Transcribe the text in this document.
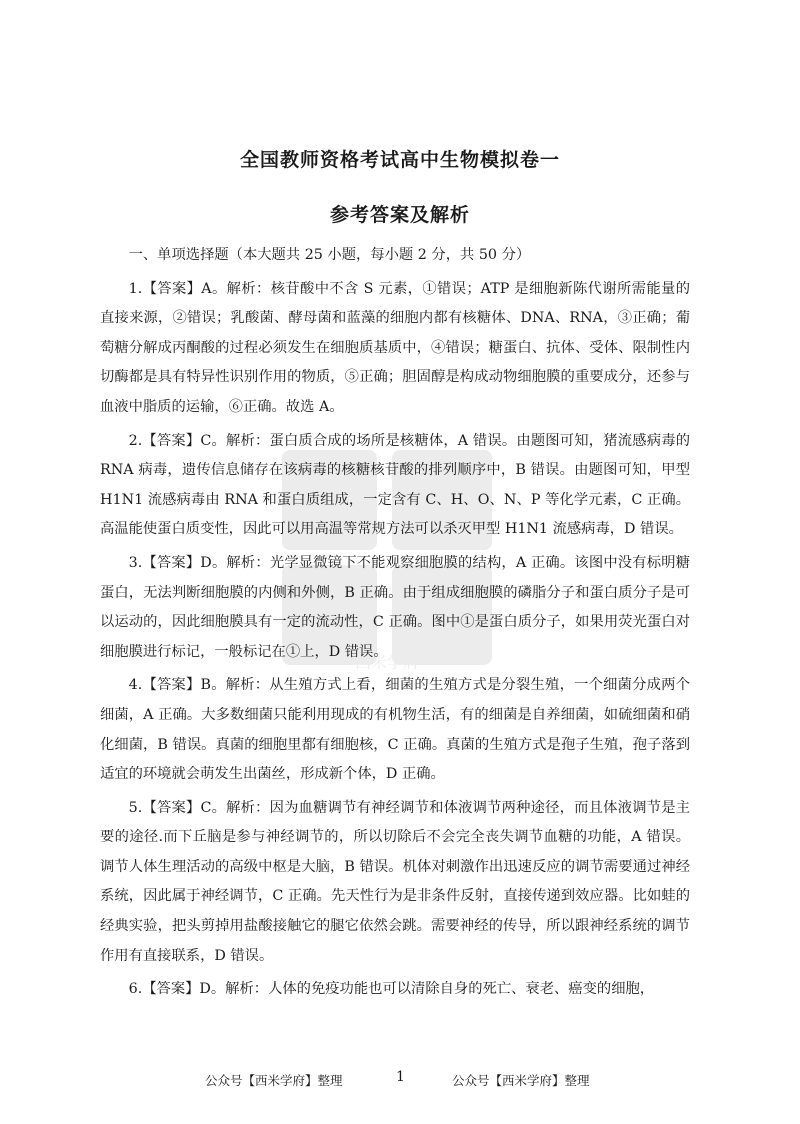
西米学府
全国教师资格考试高中生物模拟卷一
参考答案及解析

一、单项选择题（本大题共 25 小题，每小题 2 分，共 50 分）

1.【答案】A。解析：核苷酸中不含 S 元素，①错误；ATP 是细胞新陈代谢所需能量的直接来源，②错误；乳酸菌、酵母菌和蓝藻的细胞内都有核糖体、DNA、RNA，③正确；葡萄糖分解成丙酮酸的过程必须发生在细胞质基质中，④错误；糖蛋白、抗体、受体、限制性内切酶都是具有特异性识别作用的物质，⑤正确；胆固醇是构成动物细胞膜的重要成分，还参与血液中脂质的运输，⑥正确。故选 A。

2.【答案】C。解析：蛋白质合成的场所是核糖体，A 错误。由题图可知，猪流感病毒的 RNA 病毒，遗传信息储存在该病毒的核糖核苷酸的排列顺序中，B 错误。由题图可知，甲型 H1N1 流感病毒由 RNA 和蛋白质组成，一定含有 C、H、O、N、P 等化学元素，C 正确。高温能使蛋白质变性，因此可以用高温等常规方法可以杀灭甲型 H1N1 流感病毒，D 错误。

3.【答案】D。解析：光学显微镜下不能观察细胞膜的结构，A 正确。该图中没有标明糖蛋白，无法判断细胞膜的内侧和外侧，B 正确。由于组成细胞膜的磷脂分子和蛋白质分子是可以运动的，因此细胞膜具有一定的流动性，C 正确。图中①是蛋白质分子，如果用荧光蛋白对细胞膜进行标记，一般标记在①上，D 错误。

4.【答案】B。解析：从生殖方式上看，细菌的生殖方式是分裂生殖，一个细菌分成两个细菌，A 正确。大多数细菌只能利用现成的有机物生活，有的细菌是自养细菌，如硫细菌和硝化细菌，B 错误。真菌的细胞里都有细胞核，C 正确。真菌的生殖方式是孢子生殖，孢子落到适宜的环境就会萌发生出菌丝，形成新个体，D 正确。

5.【答案】C。解析：因为血糖调节有神经调节和体液调节两种途径，而且体液调节是主要的途径.而下丘脑是参与神经调节的，所以切除后不会完全丧失调节血糖的功能，A 错误。调节人体生理活动的高级中枢是大脑，B 错误。机体对刺激作出迅速反应的调节需要通过神经系统，因此属于神经调节，C 正确。先天性行为是非条件反射，直接传递到效应器。比如蛙的经典实验，把头剪掉用盐酸接触它的腿它依然会跳。需要神经的传导，所以跟神经系统的调节作用有直接联系，D 错误。

6.【答案】D。解析：人体的免疫功能也可以清除自身的死亡、衰老、癌变的细胞，

公众号【西米学府】整理	1	公众号【西米学府】整理
